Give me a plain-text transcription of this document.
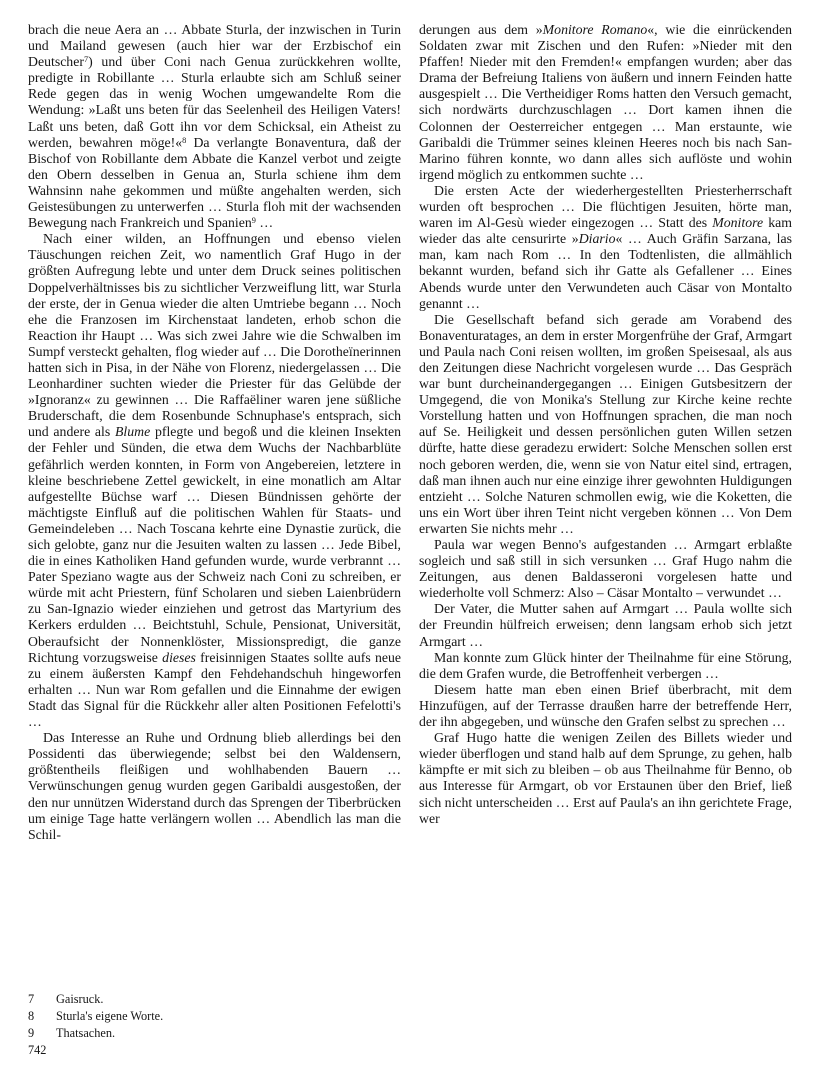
brach die neue Aera an … Abbate Sturla, der inzwischen in Turin und Mailand gewesen (auch hier war der Erzbischof ein Deutscher$^7$) und über Coni nach Genua zurückkehren wollte, predigte in Robillante … Sturla erlaubte sich am Schluß seiner Rede gegen das in wenig Wochen umgewandelte Rom die Wendung: »Laßt uns beten für das Seelenheil des Heiligen Vaters! Laßt uns beten, daß Gott ihn vor dem Schicksal, ein Atheist zu werden, bewahren möge!«$^8$ Da verlangte Bonaventura, daß der Bischof von Robillante dem Abbate die Kanzel verbot und zeigte den Obern desselben in Genua an, Sturla schiene ihm dem Wahnsinn nahe gekommen und müßte angehalten werden, sich Geistesübungen zu unterwerfen … Sturla floh mit der wachsenden Bewegung nach Frankreich und Spanien$^9$ …

Nach einer wilden, an Hoffnungen und ebenso vielen Täuschungen reichen Zeit, wo namentlich Graf Hugo in der größten Aufregung lebte und unter dem Druck seines politischen Doppelverhältnisses bis zu sichtlicher Verzweiflung litt, war Sturla der erste, der in Genua wieder die alten Umtriebe begann … Noch ehe die Franzosen im Kirchenstaat landeten, erhob schon die Reaction ihr Haupt … Was sich zwei Jahre wie die Schwalben im Sumpf versteckt gehalten, flog wieder auf … Die Dorotheïnerinnen hatten sich in Pisa, in der Nähe von Florenz, niedergelassen … Die Leonhardiner suchten wieder die Priester für das Gelübde der »Ignoranz« zu gewinnen … Die Raffaëliner waren jene süßliche Bruderschaft, die dem Rosenbunde Schnuphase's entsprach, sich und andere als Blume pflegte und begoß und die kleinen Insekten der Fehler und Sünden, die etwa dem Wuchs der Nachbarblüte gefährlich werden konnten, in Form von Angebereien, letztere in kleine beschriebene Zettel gewickelt, in eine monatlich am Altar aufgestellte Büchse warf … Diesen Bündnissen gehörte der mächtigste Einfluß auf die politischen Wahlen für Staats- und Gemeindeleben … Nach Toscana kehrte eine Dynastie zurück, die sich gelobte, ganz nur die Jesuiten walten zu lassen … Jede Bibel, die in eines Katholiken Hand gefunden wurde, wurde verbrannt … Pater Speziano wagte aus der Schweiz nach Coni zu schreiben, er würde mit acht Priestern, fünf Scholaren und sieben Laienbrüdern zu San-Ignazio wieder einziehen und getrost das Martyrium des Kerkers erdulden … Beichtstuhl, Schule, Pensionat, Universität, Oberaufsicht der Nonnenklöster, Missionspredigt, die ganze Richtung vorzugsweise dieses freisinnigen Staates sollte aufs neue zu einem äußersten Kampf den Fehdehandschuh hingeworfen erhalten … Nun war Rom gefallen und die Einnahme der ewigen Stadt das Signal für die Rückkehr aller alten Positionen Fefelotti's …

Das Interesse an Ruhe und Ordnung blieb allerdings bei den Possidenti das überwiegende; selbst bei den Waldensern, größtentheils fleißigen und wohlhabenden Bauern … Verwünschungen genug wurden gegen Garibaldi ausgestoßen, der den nur unnützen Widerstand durch das Sprengen der Tiberbrücken um einige Tage hatte verlängern wollen … Abendlich las man die Schil-

derungen aus dem »Monitore Romano«, wie die einrückenden Soldaten zwar mit Zischen und den Rufen: »Nieder mit den Pfaffen! Nieder mit den Fremden!« empfangen wurden; aber das Drama der Befreiung Italiens von äußern und innern Feinden hatte ausgespielt … Die Vertheidiger Roms hatten den Versuch gemacht, sich nordwärts durchzuschlagen … Dort kamen ihnen die Colonnen der Oesterreicher entgegen … Man erstaunte, wie Garibaldi die Trümmer seines kleinen Heeres noch bis nach San-Marino führen konnte, wo dann alles sich auflöste und wohin irgend möglich zu entkommen suchte …

Die ersten Acte der wiederhergestellten Priesterherrschaft wurden oft besprochen … Die flüchtigen Jesuiten, hörte man, waren im Al-Gesù wieder eingezogen … Statt des Monitore kam wieder das alte censurirte »Diario« … Auch Gräfin Sarzana, las man, kam nach Rom … In den Todtenlisten, die allmählich bekannt wurden, befand sich ihr Gatte als Gefallener … Eines Abends wurde unter den Verwundeten auch Cäsar von Montalto genannt …

Die Gesellschaft befand sich gerade am Vorabend des Bonaventuratages, an dem in erster Morgenfrühe der Graf, Armgart und Paula nach Coni reisen wollten, im großen Speisesaal, als aus den Zeitungen diese Nachricht vorgelesen wurde … Das Gespräch war bunt durcheinandergegangen … Einigen Gutsbesitzern der Umgegend, die von Monika's Stellung zur Kirche keine rechte Vorstellung hatten und von Hoffnungen sprachen, die man noch auf Se. Heiligkeit und dessen persönlichen guten Willen setzen dürfte, hatte diese geradezu erwidert: Solche Menschen sollen erst noch geboren werden, die, wenn sie von Natur eitel sind, ertragen, daß man ihnen auch nur eine einzige ihrer gewohnten Huldigungen entzieht … Solche Naturen schmollen ewig, wie die Koketten, die uns ein Wort über ihren Teint nicht vergeben können … Von Dem erwarten Sie nichts mehr …

Paula war wegen Benno's aufgestanden … Armgart erblaßte sogleich und saß still in sich versunken … Graf Hugo nahm die Zeitungen, aus denen Baldasseroni vorgelesen hatte und wiederholte voll Schmerz: Also – Cäsar Montalto – verwundet …

Der Vater, die Mutter sahen auf Armgart … Paula wollte sich der Freundin hülfreich erweisen; denn langsam erhob sich jetzt Armgart …

Man konnte zum Glück hinter der Theilnahme für eine Störung, die dem Grafen wurde, die Betroffenheit verbergen …

Diesem hatte man eben einen Brief überbracht, mit dem Hinzufügen, auf der Terrasse draußen harre der betreffende Herr, der ihn abgegeben, und wünsche den Grafen selbst zu sprechen …

Graf Hugo hatte die wenigen Zeilen des Billets wieder und wieder überflogen und stand halb auf dem Sprunge, zu gehen, halb kämpfte er mit sich zu bleiben – ob aus Theilnahme für Benno, ob aus Interesse für Armgart, ob vor Erstaunen über den Brief, ließ sich nicht unterscheiden … Erst auf Paula's an ihn gerichtete Frage, wer

7 Gaisruck.
8 Sturla's eigene Worte.
9 Thatsachen.
742
